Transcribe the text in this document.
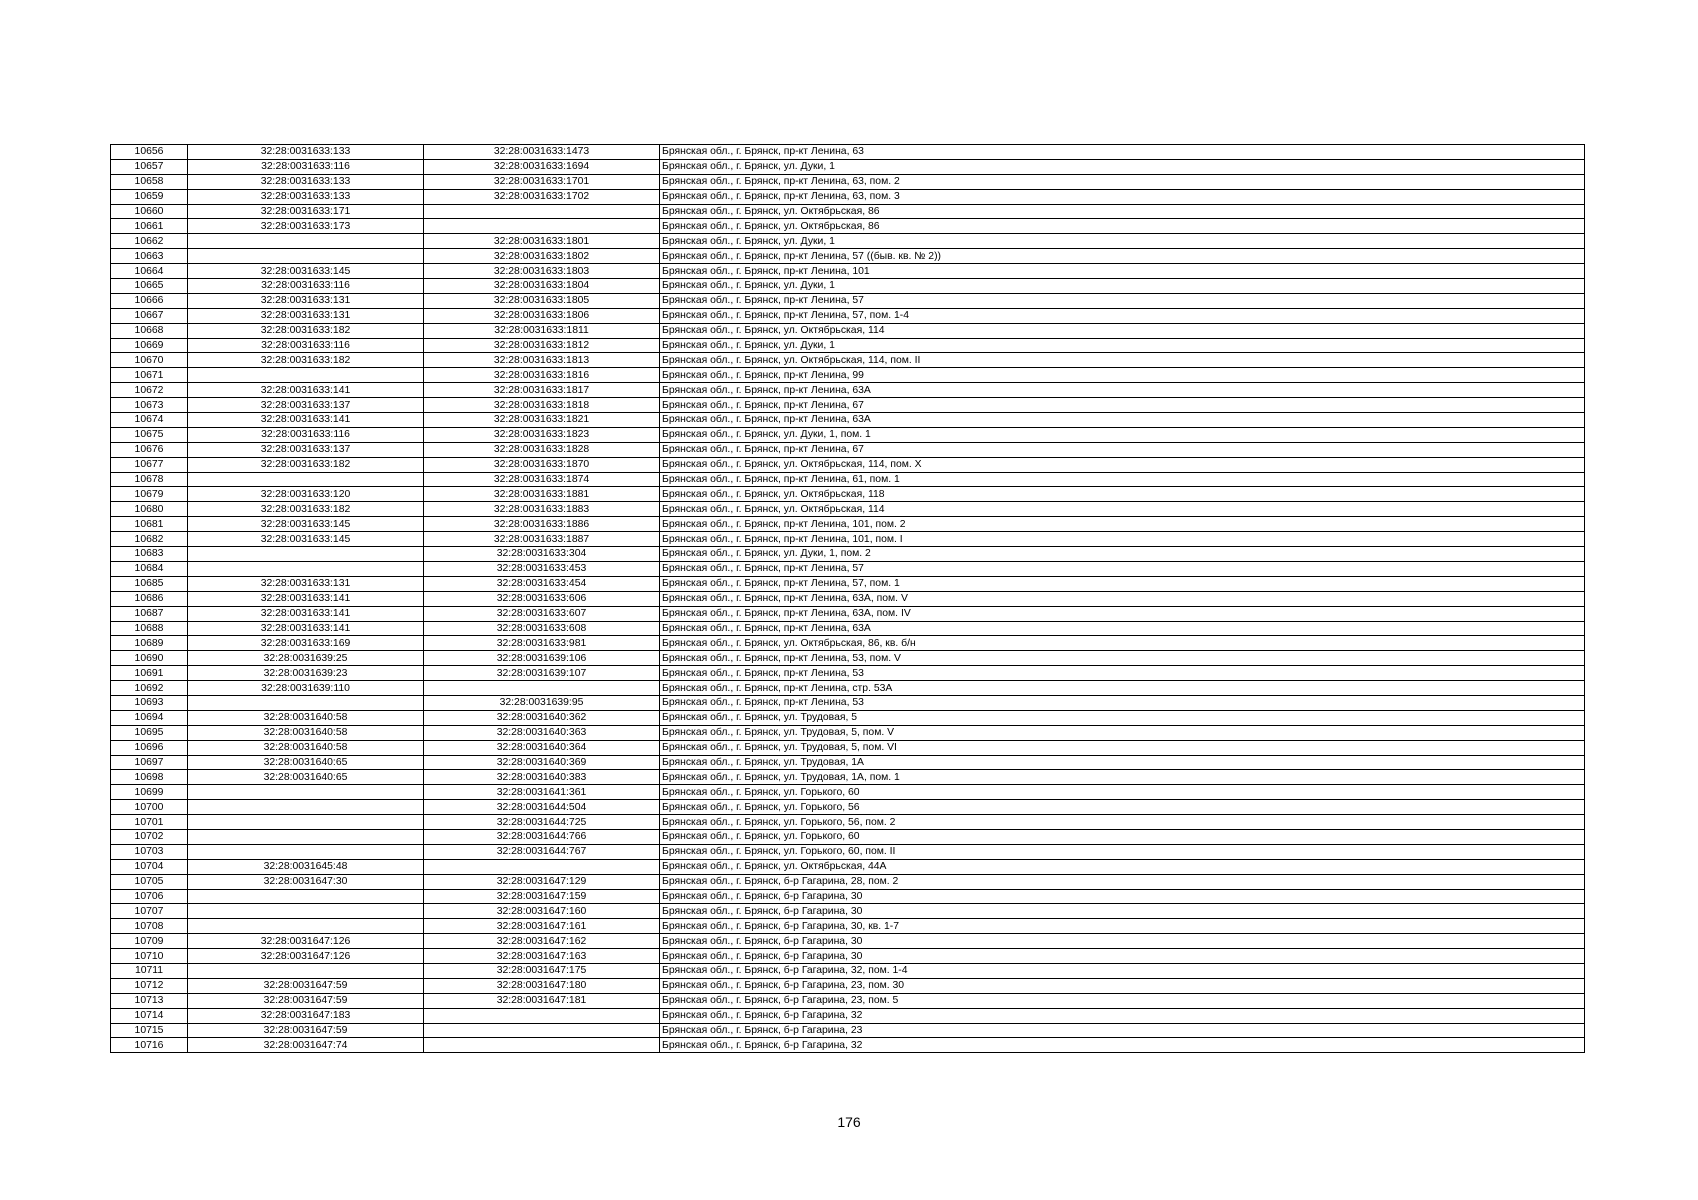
10656	32:28:0031633:133	32:28:0031633:1473	Брянская обл., г. Брянск, пр-кт Ленина, 63
10657	32:28:0031633:116	32:28:0031633:1694	Брянская обл., г. Брянск, ул. Дуки, 1
10658	32:28:0031633:133	32:28:0031633:1701	Брянская обл., г. Брянск, пр-кт Ленина, 63, пом. 2
10659	32:28:0031633:133	32:28:0031633:1702	Брянская обл., г. Брянск, пр-кт Ленина, 63, пом. 3
10660	32:28:0031633:171		Брянская обл., г. Брянск, ул. Октябрьская, 86
10661	32:28:0031633:173		Брянская обл., г. Брянск, ул. Октябрьская, 86
10662		32:28:0031633:1801	Брянская обл., г. Брянск, ул. Дуки, 1
10663		32:28:0031633:1802	Брянская обл., г. Брянск, пр-кт Ленина, 57 ((быв. кв. № 2))
10664	32:28:0031633:145	32:28:0031633:1803	Брянская обл., г. Брянск, пр-кт Ленина, 101
10665	32:28:0031633:116	32:28:0031633:1804	Брянская обл., г. Брянск, ул. Дуки, 1
10666	32:28:0031633:131	32:28:0031633:1805	Брянская обл., г. Брянск, пр-кт Ленина, 57
10667	32:28:0031633:131	32:28:0031633:1806	Брянская обл., г. Брянск, пр-кт Ленина, 57, пом. 1-4
10668	32:28:0031633:182	32:28:0031633:1811	Брянская обл., г. Брянск, ул. Октябрьская, 114
10669	32:28:0031633:116	32:28:0031633:1812	Брянская обл., г. Брянск, ул. Дуки, 1
10670	32:28:0031633:182	32:28:0031633:1813	Брянская обл., г. Брянск, ул. Октябрьская, 114, пом. II
10671		32:28:0031633:1816	Брянская обл., г. Брянск, пр-кт Ленина, 99
10672	32:28:0031633:141	32:28:0031633:1817	Брянская обл., г. Брянск, пр-кт Ленина, 63А
10673	32:28:0031633:137	32:28:0031633:1818	Брянская обл., г. Брянск, пр-кт Ленина, 67
10674	32:28:0031633:141	32:28:0031633:1821	Брянская обл., г. Брянск, пр-кт Ленина, 63А
10675	32:28:0031633:116	32:28:0031633:1823	Брянская обл., г. Брянск, ул. Дуки, 1, пом. 1
10676	32:28:0031633:137	32:28:0031633:1828	Брянская обл., г. Брянск, пр-кт Ленина, 67
10677	32:28:0031633:182	32:28:0031633:1870	Брянская обл., г. Брянск, ул. Октябрьская, 114, пом. X
10678		32:28:0031633:1874	Брянская обл., г. Брянск, пр-кт Ленина, 61, пом. 1
10679	32:28:0031633:120	32:28:0031633:1881	Брянская обл., г. Брянск, ул. Октябрьская, 118
10680	32:28:0031633:182	32:28:0031633:1883	Брянская обл., г. Брянск, ул. Октябрьская, 114
10681	32:28:0031633:145	32:28:0031633:1886	Брянская обл., г. Брянск, пр-кт Ленина, 101, пом. 2
10682	32:28:0031633:145	32:28:0031633:1887	Брянская обл., г. Брянск, пр-кт Ленина, 101, пом. I
10683		32:28:0031633:304	Брянская обл., г. Брянск, ул. Дуки, 1, пом. 2
10684		32:28:0031633:453	Брянская обл., г. Брянск, пр-кт Ленина, 57
10685	32:28:0031633:131	32:28:0031633:454	Брянская обл., г. Брянск, пр-кт Ленина, 57, пом. 1
10686	32:28:0031633:141	32:28:0031633:606	Брянская обл., г. Брянск, пр-кт Ленина, 63А, пом. V
10687	32:28:0031633:141	32:28:0031633:607	Брянская обл., г. Брянск, пр-кт Ленина, 63А, пом. IV
10688	32:28:0031633:141	32:28:0031633:608	Брянская обл., г. Брянск, пр-кт Ленина, 63А
10689	32:28:0031633:169	32:28:0031633:981	Брянская обл., г. Брянск, ул. Октябрьская, 86, кв. б/н
10690	32:28:0031639:25	32:28:0031639:106	Брянская обл., г. Брянск, пр-кт Ленина, 53, пом. V
10691	32:28:0031639:23	32:28:0031639:107	Брянская обл., г. Брянск, пр-кт Ленина, 53
10692	32:28:0031639:110		Брянская обл., г. Брянск, пр-кт Ленина, стр. 53А
10693		32:28:0031639:95	Брянская обл., г. Брянск, пр-кт Ленина, 53
10694	32:28:0031640:58	32:28:0031640:362	Брянская обл., г. Брянск, ул. Трудовая, 5
10695	32:28:0031640:58	32:28:0031640:363	Брянская обл., г. Брянск, ул. Трудовая, 5, пом. V
10696	32:28:0031640:58	32:28:0031640:364	Брянская обл., г. Брянск, ул. Трудовая, 5, пом. VI
10697	32:28:0031640:65	32:28:0031640:369	Брянская обл., г. Брянск, ул. Трудовая, 1А
10698	32:28:0031640:65	32:28:0031640:383	Брянская обл., г. Брянск, ул. Трудовая, 1А, пом. 1
10699		32:28:0031641:361	Брянская обл., г. Брянск, ул. Горького, 60
10700		32:28:0031644:504	Брянская обл., г. Брянск, ул. Горького, 56
10701		32:28:0031644:725	Брянская обл., г. Брянск, ул. Горького, 56, пом. 2
10702		32:28:0031644:766	Брянская обл., г. Брянск, ул. Горького, 60
10703		32:28:0031644:767	Брянская обл., г. Брянск, ул. Горького, 60, пом. II
10704	32:28:0031645:48		Брянская обл., г. Брянск, ул. Октябрьская, 44А
10705	32:28:0031647:30	32:28:0031647:129	Брянская обл., г. Брянск, б-р Гагарина, 28, пом. 2
10706		32:28:0031647:159	Брянская обл., г. Брянск, б-р Гагарина, 30
10707		32:28:0031647:160	Брянская обл., г. Брянск, б-р Гагарина, 30
10708		32:28:0031647:161	Брянская обл., г. Брянск, б-р Гагарина, 30, кв. 1-7
10709	32:28:0031647:126	32:28:0031647:162	Брянская обл., г. Брянск, б-р Гагарина, 30
10710	32:28:0031647:126	32:28:0031647:163	Брянская обл., г. Брянск, б-р Гагарина, 30
10711		32:28:0031647:175	Брянская обл., г. Брянск, б-р Гагарина, 32, пом. 1-4
10712	32:28:0031647:59	32:28:0031647:180	Брянская обл., г. Брянск, б-р Гагарина, 23, пом. 30
10713	32:28:0031647:59	32:28:0031647:181	Брянская обл., г. Брянск, б-р Гагарина, 23, пом. 5
10714	32:28:0031647:183		Брянская обл., г. Брянск, б-р Гагарина, 32
10715	32:28:0031647:59		Брянская обл., г. Брянск, б-р Гагарина, 23
10716	32:28:0031647:74		Брянская обл., г. Брянск, б-р Гагарина, 32
176
